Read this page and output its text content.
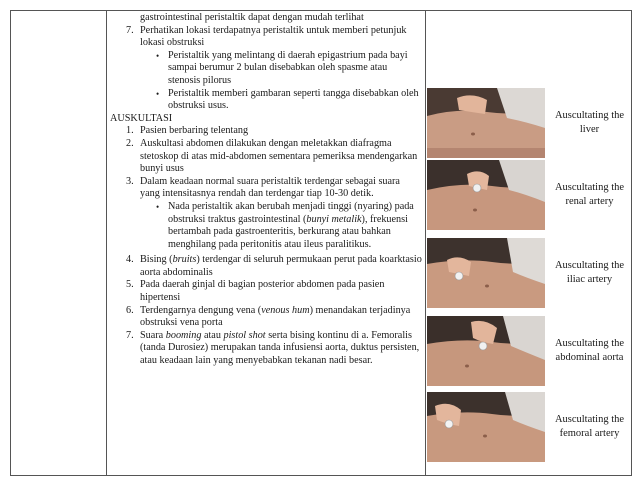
gastrointestinal peristaltik dapat dengan mudah terlihat

7. Perhatikan lokasi terdapatnya peristaltik untuk memberi petunjuk lokasi obstruksi

• Peristaltik yang melintang di daerah epigastrium pada bayi sampai berumur 2 bulan disebabkan oleh spasme atau stenosis pilorus

• Peristaltik memberi gambaran seperti tangga disebabkan oleh obstruksi usus.

AUSKULTASI

1. Pasien berbaring telentang

2. Auskultasi abdomen dilakukan dengan meletakkan diafragma stetoskop di atas mid-abdomen sementara pemeriksa mendengarkan bunyi usus

3. Dalam keadaan normal suara peristaltik terdengar sebagai suara yang intensitasnya rendah dan terdengar tiap 10-30 detik.

• Nada peristaltik akan berubah menjadi tinggi (nyaring) pada obstruksi traktus gastrointestinal (bunyi metalik), frekuensi bertambah pada gastroenteritis, berkurang atau bahkan menghilang pada peritonitis atau ileus paralitikus.

4. Bising (bruits) terdengar di seluruh permukaan perut pada koarktasio aorta abdominalis

5. Pada daerah ginjal di bagian posterior abdomen pada pasien hipertensi

6. Terdengarnya dengung vena (venous hum) menandakan terjadinya obstruksi vena porta

7. Suara booming atau pistol shot serta bising kontinu di a. Femoralis (tanda Durosiez) merupakan tanda infusiensi aorta, duktus persisten, atau keadaan lain yang menyebabkan tekanan nadi besar.

Auscultating the liver
Auscultating the renal artery
Auscultating the iliac artery
Auscultating the abdominal aorta
Auscultating the femoral artery
